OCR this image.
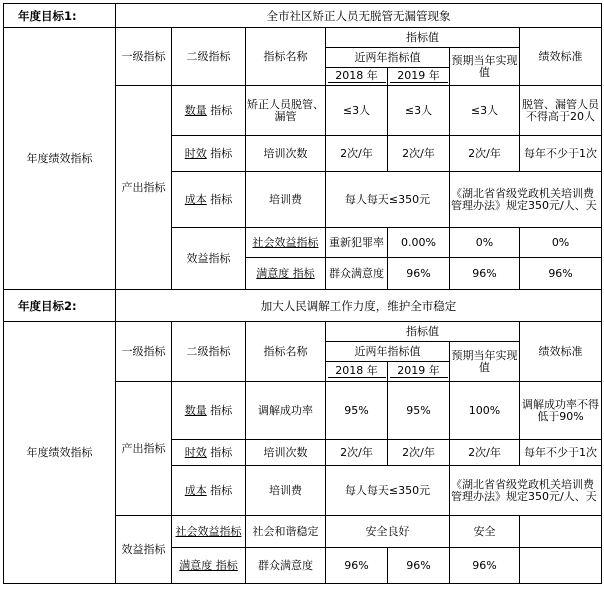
年度目标1:	全市社区矫正人员无脱管无漏管现象							
年度绩效指标	一级指标	二级指标	指标名称	指标值			绩效标准	
				近两年指标值		预期当年实现值		
				2018 年	2019 年			
	产出指标	数量 指标	矫正人员脱管、漏管	≤3人	≤3人	≤3人	脱管、漏管人员不得高于20人	
		时效 指标	培训次数	2次/年	2次/年	2次/年	每年不少于1次	
		成本 指标	培训费	每人每天≤350元		《湖北省省级党政机关培训费管理办法》规定350元/人、天		
		效益指标	社会效益指标	重新犯罪率	0.00%	0%	0%	
			满意度 指标	群众满意度	96%	96%	96%	
年度目标2:	加大人民调解工作力度，维护全市稳定						
年度绩效指标	一级指标	二级指标	指标名称	指标值			绩效标准
				近两年指标值		预期当年实现值	
				2018 年	2019 年		
	产出指标	数量 指标	调解成功率	95%	95%	100%	调解成功率不得低于90%
		时效 指标	培训次数	2次/年	2次/年	2次/年	每年不少于1次
		成本 指标	培训费	每人每天≤350元		《湖北省省级党政机关培训费管理办法》规定350元/人、天	
	效益指标	社会效益指标	社会和谐稳定	安全良好		安全	
		满意度 指标	群众满意度	96%	96%	96%	
